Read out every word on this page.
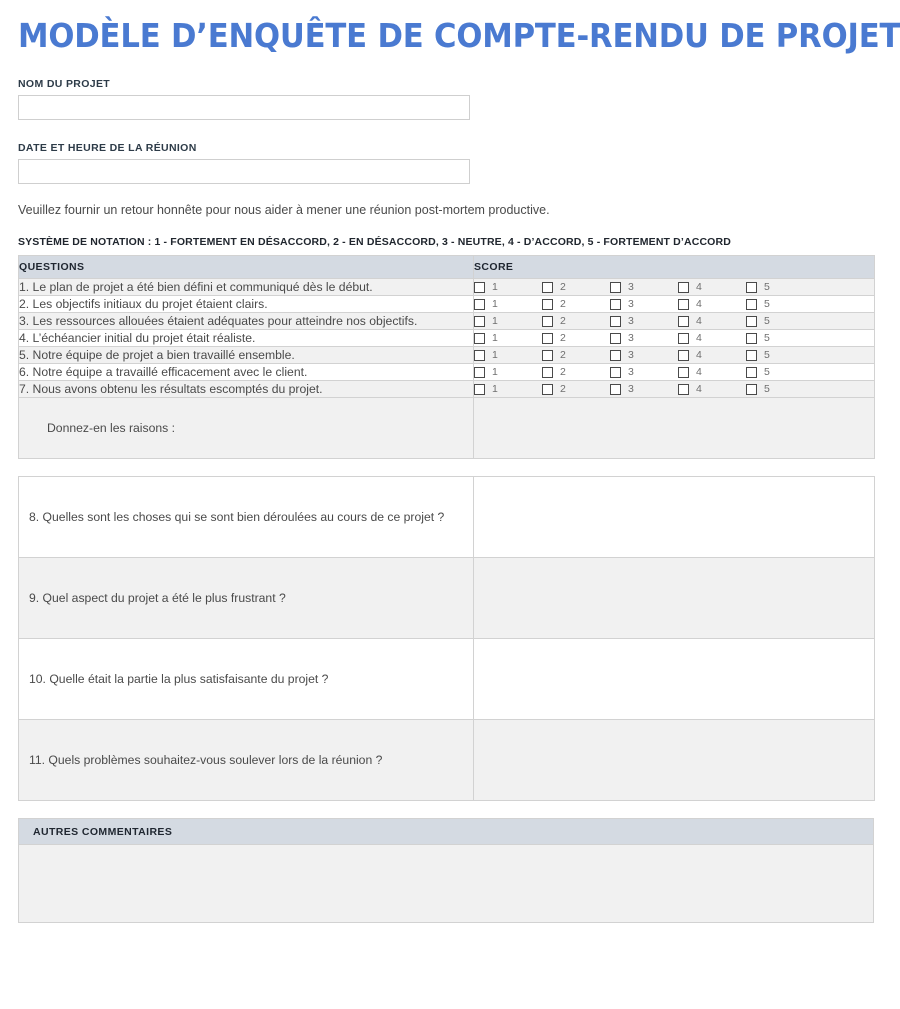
MODÈLE D’ENQUÊTE DE COMPTE-RENDU DE PROJET
NOM DU PROJET
DATE ET HEURE DE LA RÉUNION
Veuillez fournir un retour honnête pour nous aider à mener une réunion post-mortem productive.
SYSTÈME DE NOTATION : 1 - FORTEMENT EN DÉSACCORD, 2 - EN DÉSACCORD, 3 - NEUTRE, 4 - D’ACCORD, 5 - FORTEMENT D’ACCORD
QUESTIONS	SCORE
1. Le plan de projet a été bien défini et communiqué dès le début.	1 2 3 4 5

2. Les objectifs initiaux du projet étaient clairs.	1 2 3 4 5

3. Les ressources allouées étaient adéquates pour atteindre nos objectifs.	1 2 3 4 5

4. L’échéancier initial du projet était réaliste.	1 2 3 4 5

5. Notre équipe de projet a bien travaillé ensemble.	1 2 3 4 5

6. Notre équipe a travaillé efficacement avec le client.	1 2 3 4 5

7. Nous avons obtenu les résultats escomptés du projet.	1 2 3 4 5

Donnez-en les raisons :	
8. Quelles sont les choses qui se sont bien déroulées au cours de ce projet ?	
9. Quel aspect du projet a été le plus frustrant ?	
10. Quelle était la partie la plus satisfaisante du projet ?	
11. Quels problèmes souhaitez-vous soulever lors de la réunion ?	
AUTRES COMMENTAIRES
